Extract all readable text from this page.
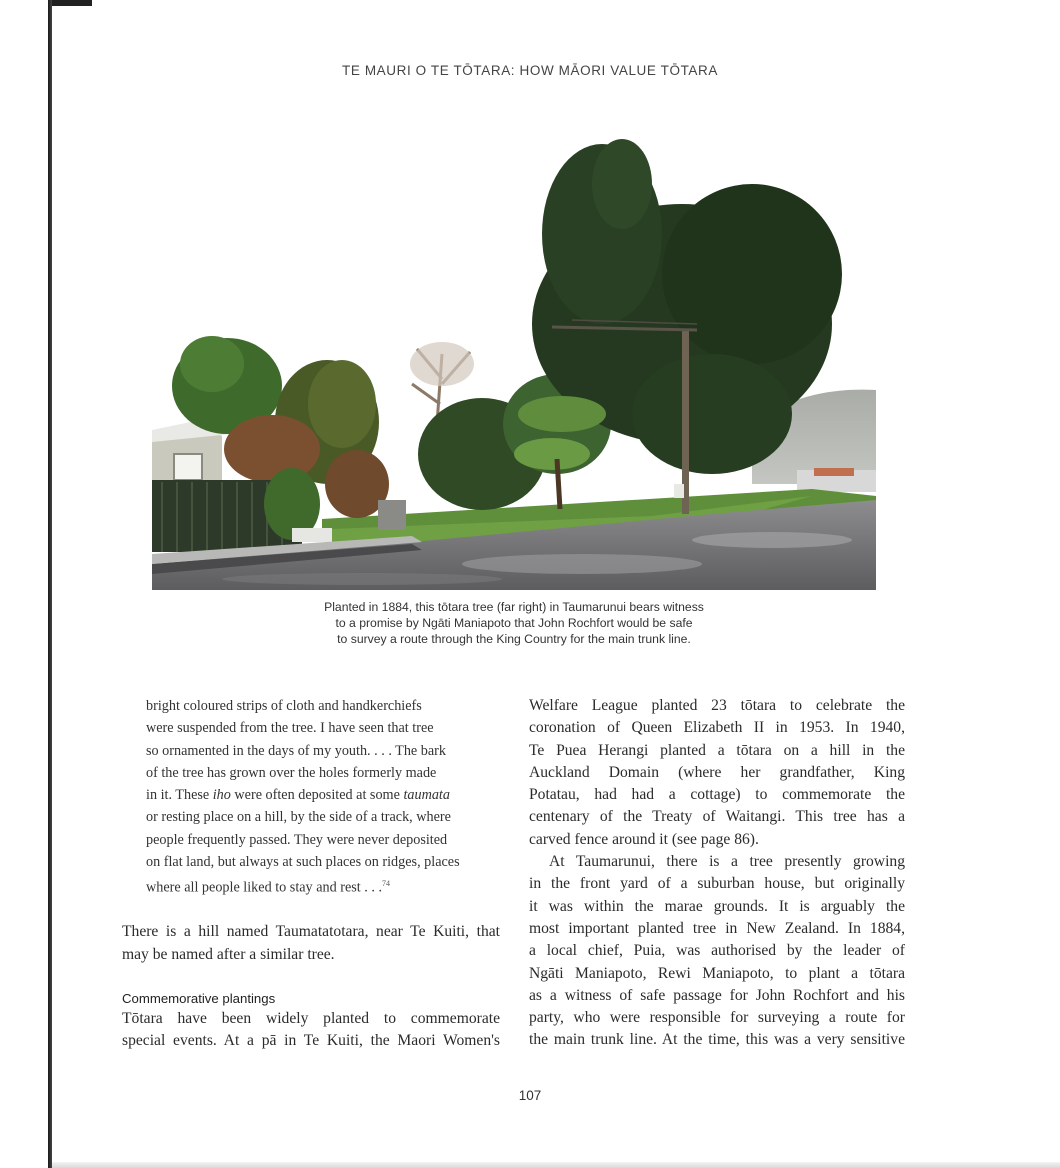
TE MAURI O TE TŌTARA: HOW MĀORI VALUE TŌTARA
Planted in 1884, this tōtara tree (far right) in Taumarunui bears witness
to a promise by Ngāti Maniapoto that John Rochfort would be safe
to survey a route through the King Country for the main trunk line.
bright coloured strips of cloth and handkerchiefs
were suspended from the tree. I have seen that tree
so ornamented in the days of my youth. . . . The bark
of the tree has grown over the holes formerly made
in it. These iho were often deposited at some taumata
or resting place on a hill, by the side of a track, where
people frequently passed. They were never deposited
on flat land, but always at such places on ridges, places
where all people liked to stay and rest . . .$^{74}$
There is a hill named Taumatatotara, near Te Kuiti, that
may be named after a similar tree.
Commemorative plantings
Tōtara have been widely planted to commemorate
special events. At a pā in Te Kuiti, the Maori Women's
Welfare League planted 23 tōtara to celebrate the
coronation of Queen Elizabeth II in 1953. In 1940,
Te Puea Herangi planted a tōtara on a hill in the
Auckland Domain (where her grandfather, King
Potatau, had had a cottage) to commemorate the
centenary of the Treaty of Waitangi. This tree has a
carved fence around it (see page 86).
At Taumarunui, there is a tree presently growing
in the front yard of a suburban house, but originally
it was within the marae grounds. It is arguably the
most important planted tree in New Zealand. In 1884,
a local chief, Puia, was authorised by the leader of
Ngāti Maniapoto, Rewi Maniapoto, to plant a tōtara
as a witness of safe passage for John Rochfort and his
party, who were responsible for surveying a route for
the main trunk line. At the time, this was a very sensitive
107
